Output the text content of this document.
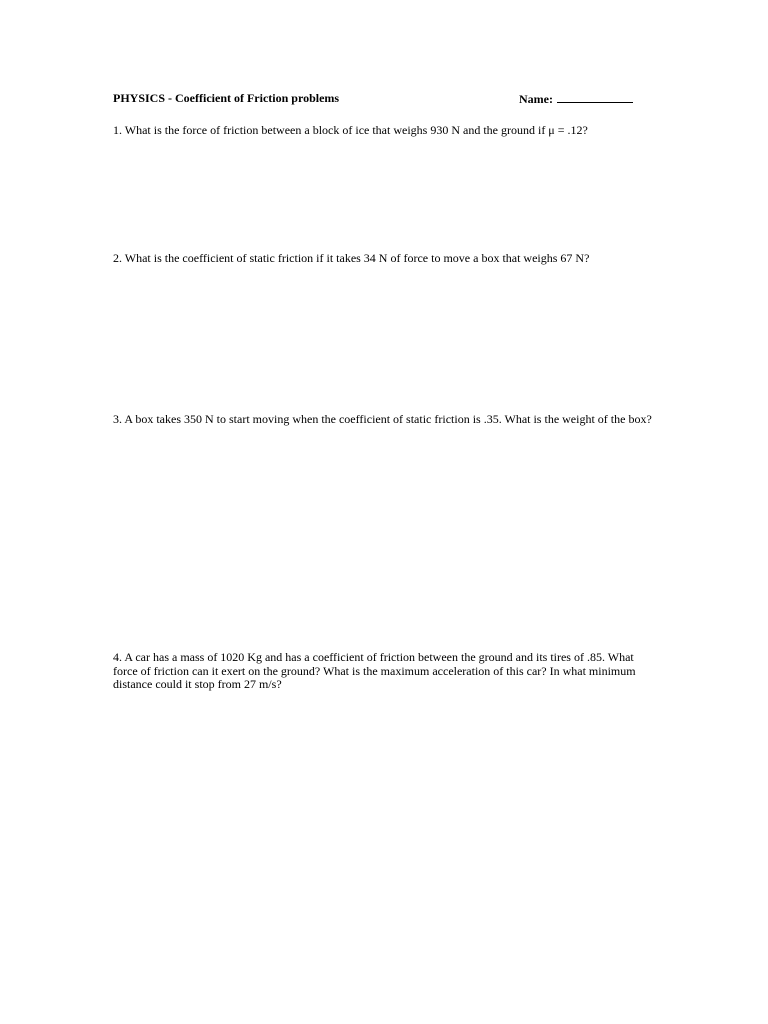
PHYSICS - Coefficient of Friction problems	Name:
1. What is the force of friction between a block of ice that weighs 930 N and the ground if μ = .12?
2. What is the coefficient of static friction if it takes 34 N of force to move a box that weighs 67 N?
3. A box takes 350 N to start moving when the coefficient of static friction is .35. What is the weight of the box?
4. A car has a mass of 1020 Kg and has a coefficient of friction between the ground and its tires of .85. What force of friction can it exert on the ground? What is the maximum acceleration of this car? In what minimum distance could it stop from 27 m/s?
